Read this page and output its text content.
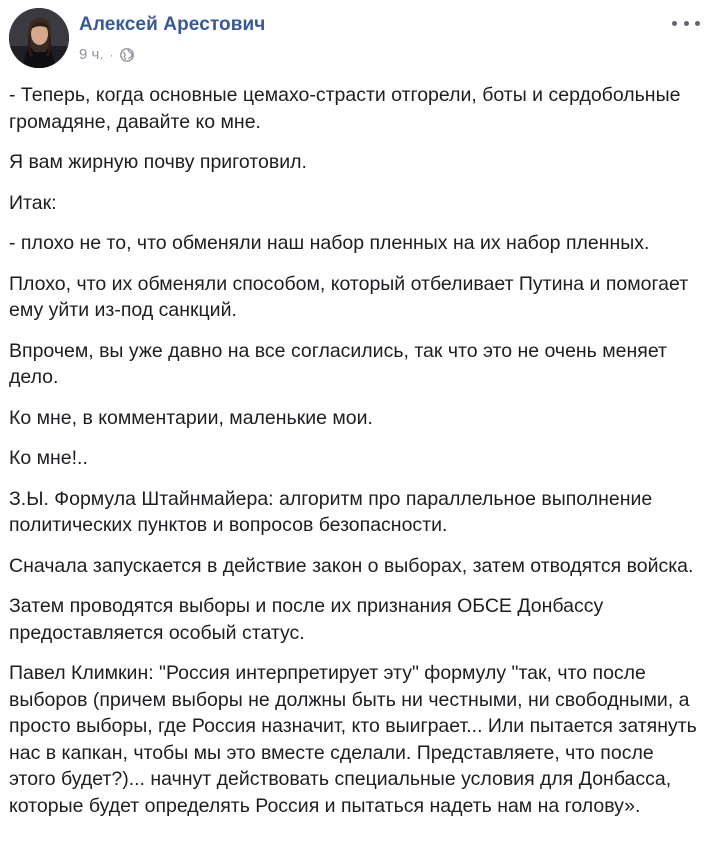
Алексей Арестович
9 ч. ·

- Теперь, когда основные цемахо-страсти отгорели, боты и сердобольные громадяне, давайте ко мне.

Я вам жирную почву приготовил.

Итак:

- плохо не то, что обменяли наш набор пленных на их набор пленных.

Плохо, что их обменяли способом, который отбеливает Путина и помогает ему уйти из-под санкций.

Впрочем, вы уже давно на все согласились, так что это не очень меняет дело.

Ко мне, в комментарии, маленькие мои.

Ко мне!..

З.Ы. Формула Штайнмайера: алгоритм про параллельное выполнение политических пунктов и вопросов безопасности.

Сначала запускается в действие закон о выборах, затем отводятся войска.

Затем проводятся выборы и после их признания ОБСЕ Донбассу предоставляется особый статус.

Павел Климкин: "Россия интерпретирует эту" формулу "так, что после выборов (причем выборы не должны быть ни честными, ни свободными, а просто выборы, где Россия назначит, кто выиграет... Или пытается затянуть нас в капкан, чтобы мы это вместе сделали. Представляете, что после этого будет?)... начнут действовать специальные условия для Донбасса, которые будет определять Россия и пытаться надеть нам на голову».
